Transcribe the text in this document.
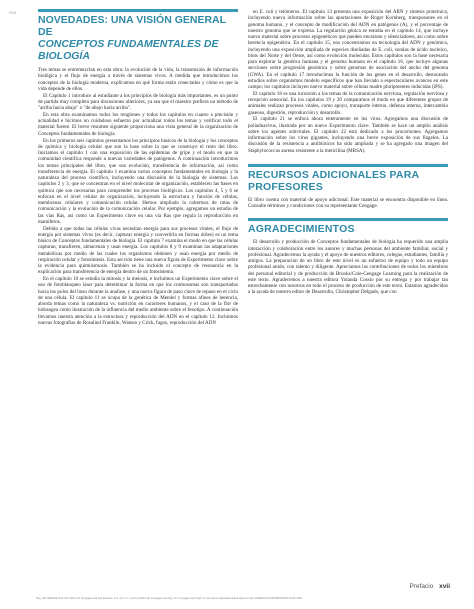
S16
NOVEDADES: UNA VISIÓN GENERAL DE
CONCEPTOS FUNDAMENTALES DE BIOLOGÍA

Tres temas se entremezclan en esta obra: la evolución de la vida, la transmisión de información biológica y el flujo de energía a través de sistemas vivos. A medida que introducimos los conceptos de la biología moderna, explicamos en qué forma están conectados y cómo es que la vida depende de ellos.

El Capítulo 1 introduce al estudiante a los principios de biología más importantes, es un punto de partida muy completo para discusiones ulteriores, ya sea que el maestro prefiera un método de "arriba hacia abajo" o "de abajo hacia arriba".

En esta obra examinamos todos los renglones y todos los capítulos en cuanto a precisión y actualidad e hicimos un cuidadoso esfuerzo por actualizar todos los temas y verificar todo el material fuente. El breve resumen siguiente proporciona una vista general de la organización de Conceptos fundamentales de biología.

En los primeros seis capítulos presentamos los principios básicos de la biología y los conceptos de química y biología celular que son la base sobre la que se construye el resto del libro. Iniciamos el capítulo 1 con una exposición de las epidemias de gripe y el modo en que la comunidad científica responde a nuevas variedades de patógenos. A continuación introducimos los temas principales del libro, que son evolución, transferencia de información, así como transferencia de energía. El capítulo 1 examina varios conceptos fundamentales en biología y la naturaleza del proceso científico, incluyendo una discusión de la biología de sistemas. Los capítulos 2 y 3, que se concentran en el nivel molecular de organización, establecen las bases en química que son necesarias para comprender los procesos biológicos. Los capítulos 4, 5 y 6 se enfocan en el nivel celular de organización, incluyendo la estructura y función de células, membranas celulares y comunicación celular. Hemos ampliado la cobertura de rutas de comunicación y la evolución de la comunicación celular. Por ejemplo, agregamos un estudio de las vías Ras, así como un Experimento clave en una vía Ras que regula la reproducción en mamíferos.

Debido a que todas las células vivas necesitan energía para sus procesos vitales, el flujo de energía por sistemas vivos (es decir, capturar energía y convertirla en formas útiles) es un tema básico de Conceptos fundamentales de biología. El capítulo 7 examina el modo en que las células capturan, transfieren, almacenan y usan energía. Los capítulos 8 y 9 examinan las adaptaciones metabólicas por medio de las cuales los organismos obtienen y usan energía por medio de respiración celular y fotosíntesis. Esta sección tiene una nueva figura de Experimento clave sobre la evidencia para quimiósmosis. También se ha incluido el concepto de resonancia en la explicación para transferencia de energía dentro de un fotosistema.

En el capítulo 10 se estudia la mitosis y la meiosis, e incluimos un Experimento clave sobre el uso de fotoblanqueo láser para determinar la forma en que los cromosomas son transportados hacia los polos del huso durante la anafase, y una nueva figura de paso clave de repaso en el ciclo de una célula. El capítulo 11 se ocupa de la genética de Mendel y formas afines de herencia, aborda temas como la naturaleza vs. nutrición en caracteres humanos, y el caso de la flor de hidrangea como ilustración de la influencia del medio ambiente sobre el fenotipo. A continuación llevamos nuestra atención a la estructura y reproducción del ADN en el capítulo 12. Incluimos nuevas fotografías de Rosalind Franklin, Watson y Crick, fagos, reproducción del ADN

en E. coli y telómeros. El capítulo 13 presenta una exposición del ARN y síntesis proteínica, incluyendo nueva información sobre las aportaciones de Roger Kornberg, transposones en el genoma humano, y el concepto de modificación del ADN en patógenos (A), y el porcentaje de nuestro genoma que se expresa. La regulación génica se estudia en el capítulo 14, que incluye nuevo material sobre procesos epigenéticos que pueden encararse y silenciadores, así como sobre herencia epigenética. En el capítulo 15, nos concentramos en tecnología del ADN y genómica, incluyendo una exposición ampliada de especies diseñadas de E. coli, sondas de ácido nucleico, blots del Norte y del Oeste, así como evolución molecular. Estos capítulos son la base necesaria para explorar la genética humana y el genoma humano en el capítulo 16, que incluye algunas secciones sobre progresión genómica y sobre genomas de asociación del ancho del genoma (GWA). En el capítulo 17 introducimos la función de los genes en el desarrollo, destacando estudios sobre organismos modelo específicos que han llevado a espectaculares avances en este campo; los capítulos incluyen nuevo material sobre células madre pluripotentes inducidas (iPS).

El capítulo 18 es una incursión a los temas de la comunicación nerviosa, regulación nerviosa y recepción sensorial. En los capítulos 19 y 20 comparamos el modo en que diferentes grupos de animales realizan procesos vitales, como apoyo, transporte interno, defensa interna, intercambio gaseoso, digestión, reproducción y desarrollo.

El capítulo 21 se enfoca ahora enteramente en los virus. Agregamos una discusión de poliadnavirus, ilustrada por un nuevo Experimento clave. También se hace un amplio análisis sobre los agentes subvirales. El capítulo 22 está dedicado a los procariontes. Agregamos información sobre los virus gigantes, incluyendo una breve exposición de sus flagelos. La discusión de la resistencia a antibióticos ha sido ampliada y se ha agregado una imagen del Staphylococcus aureus resistente a la meticilina (MRSA).

RECURSOS ADICIONALES PARA PROFESORES

El libro cuenta con material de apoyo adicional. Este material se encuentra disponible en línea. Consulte términos y condiciones con su representante Cengage.

AGRADECIMIENTOS

El desarrollo y producción de Conceptos fundamentales de biología ha requerido una amplia interacción y colaboración entre los autores y muchas personas del ambiente familiar, social y profesional. Agradecemos la ayuda y el apoyo de nuestros editores, colegas, estudiantes, familia y amigos. La preparación de un libro de este nivel es un esfuerzo de equipo y todo un equipo profesional unido, con talento y diligente. Apreciamos las contribuciones de todos los miembros del personal editorial y de producción de Brooks/Cole-Cengage Learning para la realización de este texto. Agradecemos a nuestra editora Yolanda Cossio por su entrega y por trabajar tan estrechamente con nosotros en todo el proceso de producción de este texto. Estamos agradecidos a la ayuda de nuestro editor de Desarrollo, Christopher Delgado, que con

Prefacio xvii
Reg. 402 WallObama B.G.R. 2021 por Cengage Learning Editores, S.A. de C.V., una Compañía de Cengage Learning, Inc. Cengage Learning® es una marca registrada usada bajo permiso. DERECHOS RESERVADOS 18.05.2020
